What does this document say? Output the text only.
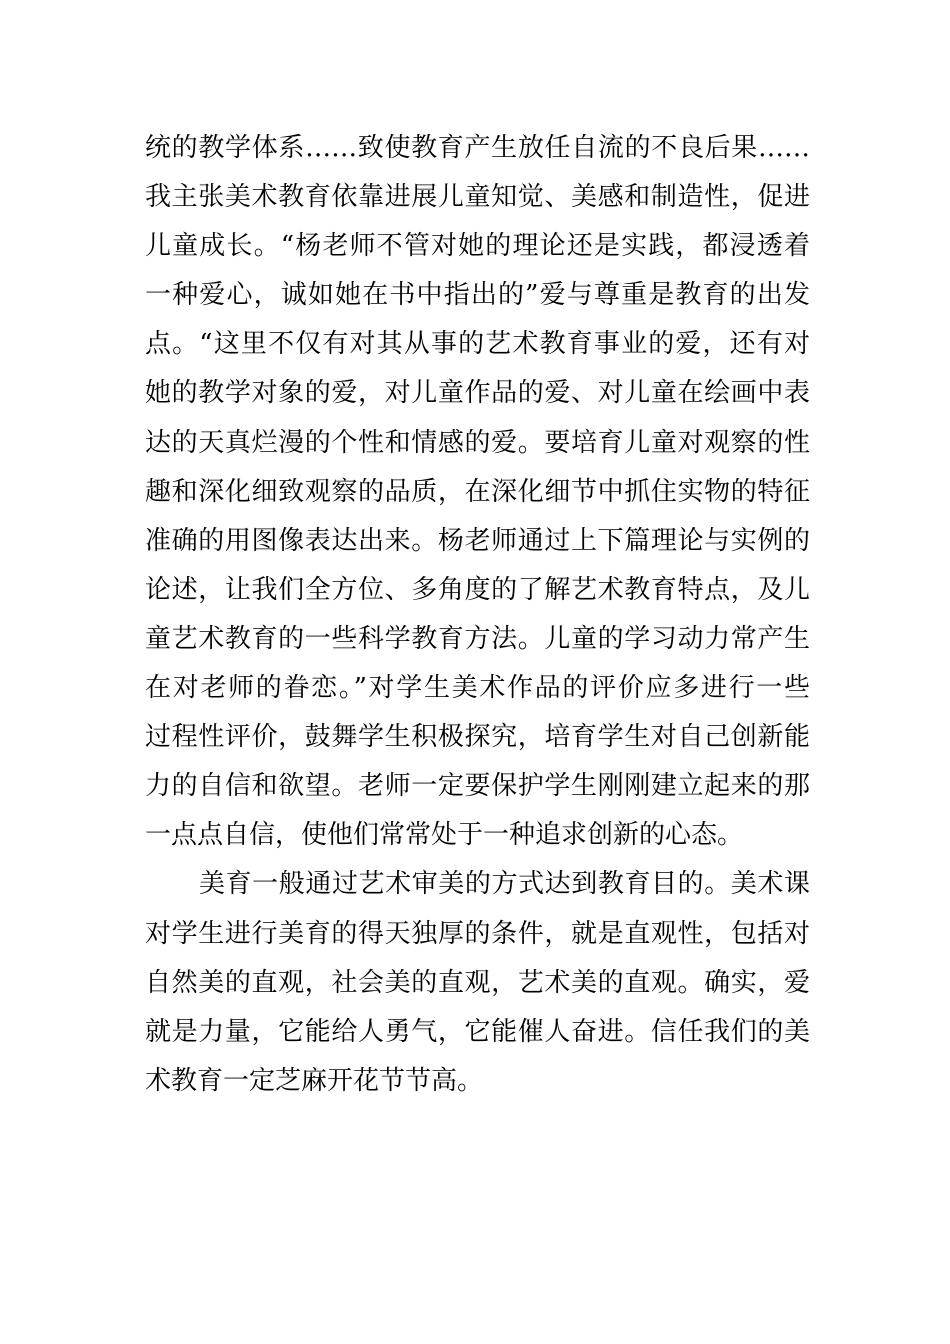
统的教学体系……致使教育产生放任自流的不良后果……
我主张美术教育依靠进展儿童知觉、美感和制造性，促进
儿童成长。“杨老师不管对她的理论还是实践，都浸透着
一种爱心，诚如她在书中指出的”爱与尊重是教育的出发
点。“这里不仅有对其从事的艺术教育事业的爱，还有对
她的教学对象的爱，对儿童作品的爱、对儿童在绘画中表
达的天真烂漫的个性和情感的爱。要培育儿童对观察的性
趣和深化细致观察的品质，在深化细节中抓住实物的特征
准确的用图像表达出来。杨老师通过上下篇理论与实例的
论述，让我们全方位、多角度的了解艺术教育特点，及儿
童艺术教育的一些科学教育方法。儿童的学习动力常产生
在对老师的眷恋。”对学生美术作品的评价应多进行一些
过程性评价，鼓舞学生积极探究，培育学生对自己创新能
力的自信和欲望。老师一定要保护学生刚刚建立起来的那
一点点自信，使他们常常处于一种追求创新的心态。
美育一般通过艺术审美的方式达到教育目的。美术课
对学生进行美育的得天独厚的条件，就是直观性，包括对
自然美的直观，社会美的直观，艺术美的直观。确实，爱
就是力量，它能给人勇气，它能催人奋进。信任我们的美
术教育一定芝麻开花节节高。
